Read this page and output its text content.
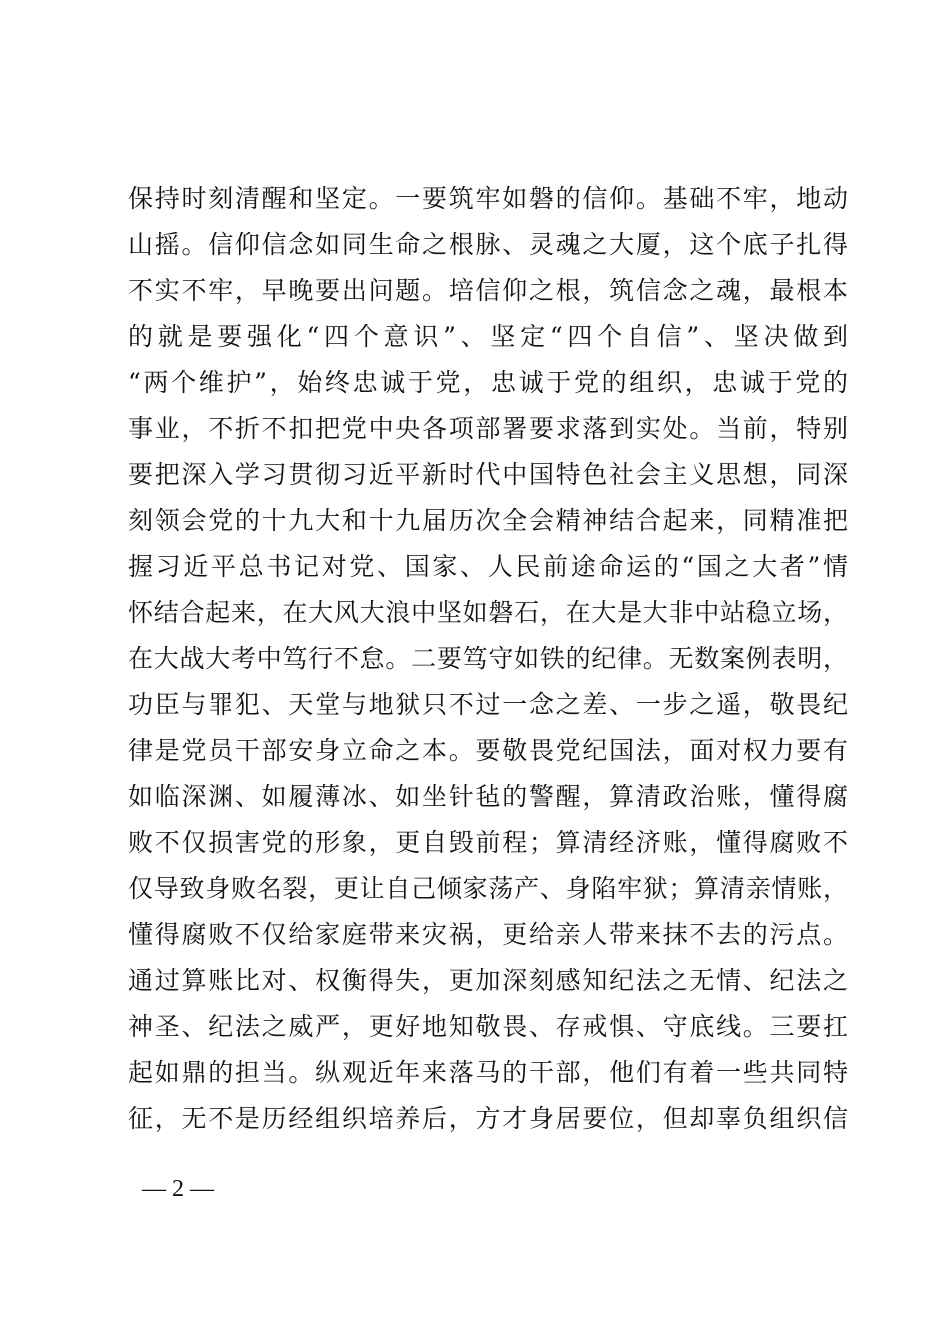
保持时刻清醒和坚定。一要筑牢如磐的信仰。基础不牢，地动
山摇。信仰信念如同生命之根脉、灵魂之大厦，这个底子扎得
不实不牢，早晚要出问题。培信仰之根，筑信念之魂，最根本
的就是要强化“四个意识”、坚定“四个自信”、坚决做到
“两个维护”，始终忠诚于党，忠诚于党的组织，忠诚于党的
事业，不折不扣把党中央各项部署要求落到实处。当前，特别
要把深入学习贯彻习近平新时代中国特色社会主义思想，同深
刻领会党的十九大和十九届历次全会精神结合起来，同精准把
握习近平总书记对党、国家、人民前途命运的“国之大者”情
怀结合起来，在大风大浪中坚如磐石，在大是大非中站稳立场，
在大战大考中笃行不怠。二要笃守如铁的纪律。无数案例表明，
功臣与罪犯、天堂与地狱只不过一念之差、一步之遥，敬畏纪
律是党员干部安身立命之本。要敬畏党纪国法，面对权力要有
如临深渊、如履薄冰、如坐针毡的警醒，算清政治账，懂得腐
败不仅损害党的形象，更自毁前程；算清经济账，懂得腐败不
仅导致身败名裂，更让自己倾家荡产、身陷牢狱；算清亲情账，
懂得腐败不仅给家庭带来灾祸，更给亲人带来抹不去的污点。
通过算账比对、权衡得失，更加深刻感知纪法之无情、纪法之
神圣、纪法之威严，更好地知敬畏、存戒惧、守底线。三要扛
起如鼎的担当。纵观近年来落马的干部，他们有着一些共同特
征，无不是历经组织培养后，方才身居要位，但却辜负组织信
— 2 —
